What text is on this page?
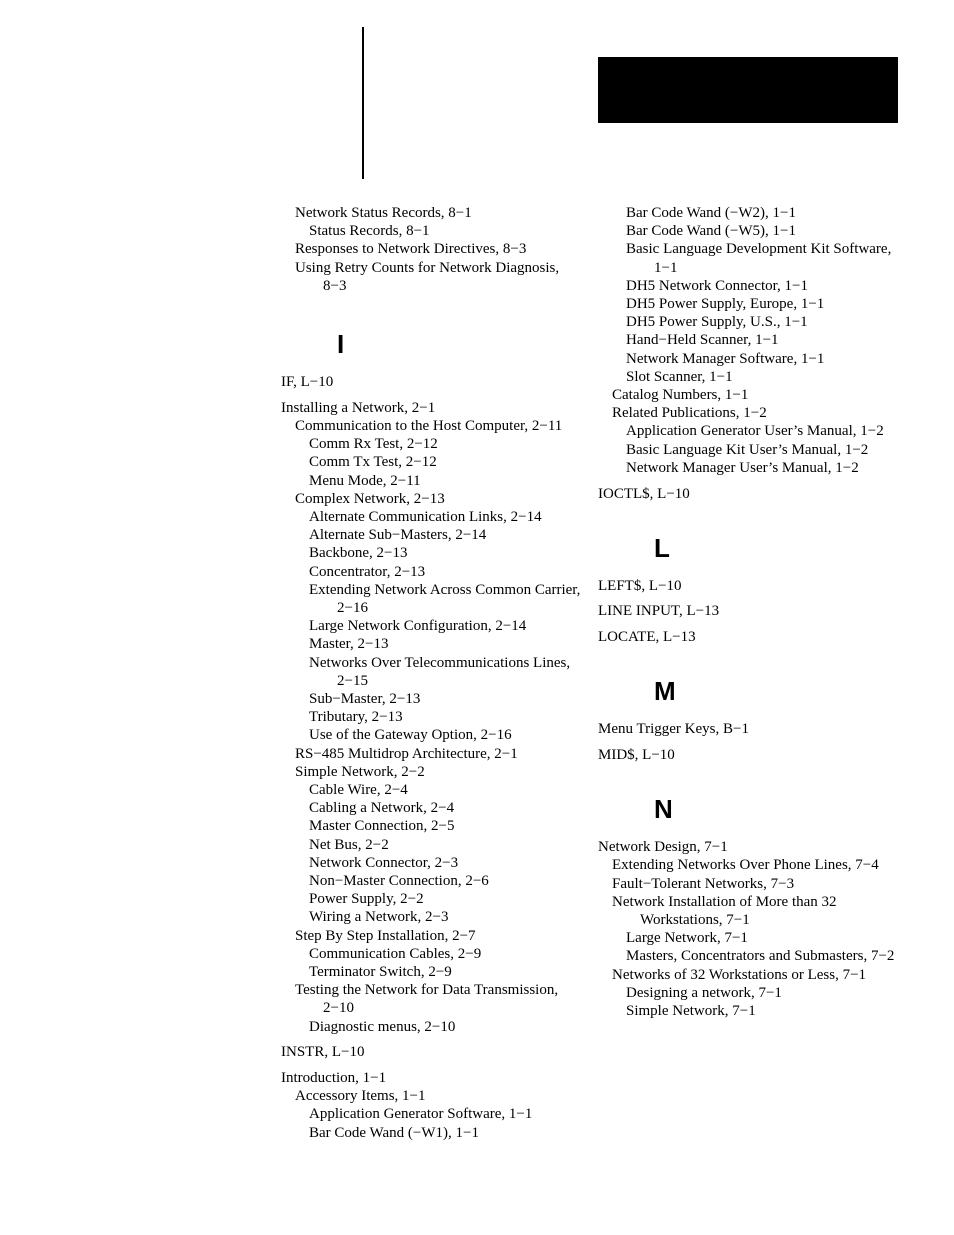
Network Status Records, 8−1
Status Records, 8−1
Responses to Network Directives, 8−3
Using Retry Counts for Network Diagnosis, 8−3
I
IF, L−10
Installing a Network, 2−1
Communication to the Host Computer, 2−11
Comm Rx Test, 2−12
Comm Tx Test, 2−12
Menu Mode, 2−11
Complex Network, 2−13
Alternate Communication Links, 2−14
Alternate Sub−Masters, 2−14
Backbone, 2−13
Concentrator, 2−13
Extending Network Across Common Carrier, 2−16
Large Network Configuration, 2−14
Master, 2−13
Networks Over Telecommunications Lines, 2−15
Sub−Master, 2−13
Tributary, 2−13
Use of the Gateway Option, 2−16
RS−485 Multidrop Architecture, 2−1
Simple Network, 2−2
Cable Wire, 2−4
Cabling a Network, 2−4
Master Connection, 2−5
Net Bus, 2−2
Network Connector, 2−3
Non−Master Connection, 2−6
Power Supply, 2−2
Wiring a Network, 2−3
Step By Step Installation, 2−7
Communication Cables, 2−9
Terminator Switch, 2−9
Testing the Network for Data Transmission, 2−10
Diagnostic menus, 2−10
INSTR, L−10
Introduction, 1−1
Accessory Items, 1−1
Application Generator Software, 1−1
Bar Code Wand (−W1), 1−1
Bar Code Wand (−W2), 1−1
Bar Code Wand (−W5), 1−1
Basic Language Development Kit Software, 1−1
DH5 Network Connector, 1−1
DH5 Power Supply, Europe, 1−1
DH5 Power Supply, U.S., 1−1
Hand−Held Scanner, 1−1
Network Manager Software, 1−1
Slot Scanner, 1−1
Catalog Numbers, 1−1
Related Publications, 1−2
Application Generator User’s Manual, 1−2
Basic Language Kit User’s Manual, 1−2
Network Manager User’s Manual, 1−2
IOCTL$, L−10
L
LEFT$, L−10
LINE INPUT, L−13
LOCATE, L−13
M
Menu Trigger Keys, B−1
MID$, L−10
N
Network Design, 7−1
Extending Networks Over Phone Lines, 7−4
Fault−Tolerant Networks, 7−3
Network Installation of More than 32 Workstations, 7−1
Large Network, 7−1
Masters, Concentrators and Submasters, 7−2
Networks of 32 Workstations or Less, 7−1
Designing a network, 7−1
Simple Network, 7−1
